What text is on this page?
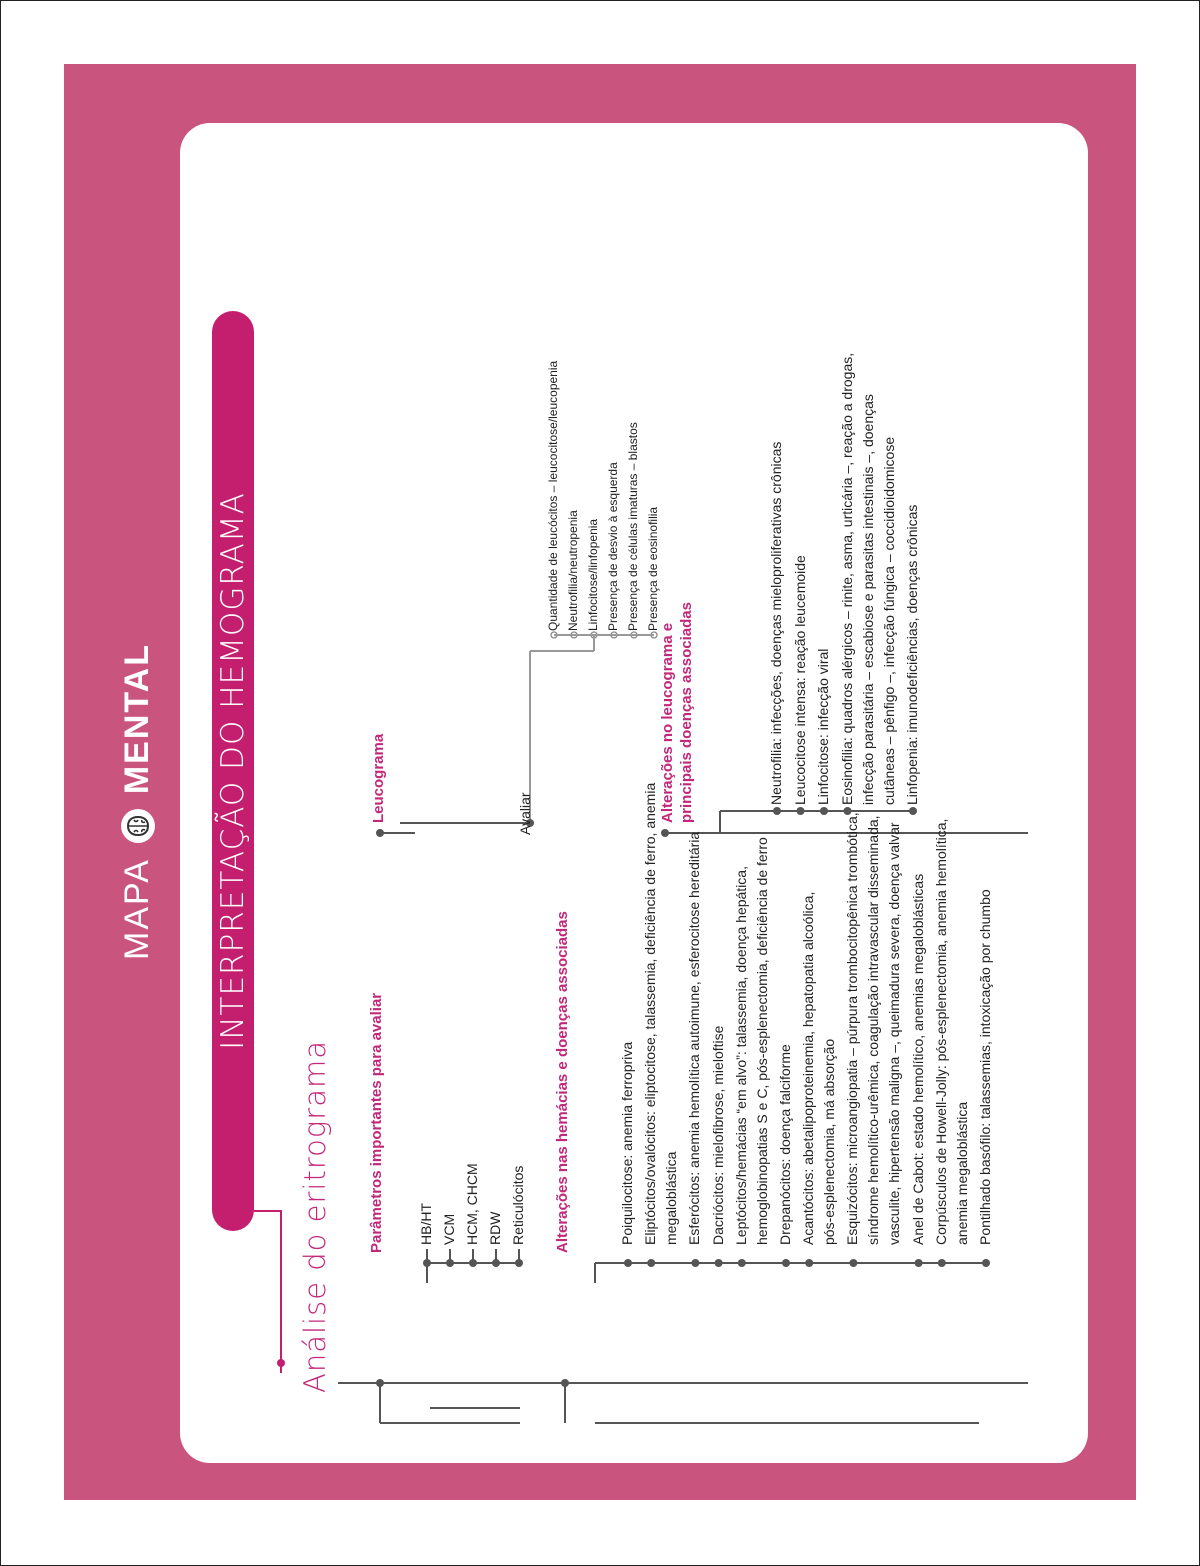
MAPA
MENTAL INTERPRETAÇÃO DO HEMOGRAMA
Análise do eritrograma Parâmetros importantes para avaliar HB/HT VCM HCM, CHCM RDW Reticulócitos Alterações nas hemácias e doenças associadas	Poiquilocitose: anemia ferropriva Eliptócitos/ovalócitos: eliptocitose, talassemia, deficiência de ferro, anemia megaloblástica Esferócitos: anemia hemolítica autoimune, esferocitose hereditária Dacriócitos: mielofibrose, mieloftise Leptócitos/hemácias “em alvo”: talassemia, doença hepática, hemoglobinopatias S e C, pós-esplenectomia, deficiência de ferro Drepanócitos: doença falciforme Acantócitos: abetalipoproteinemia, hepatopatia alcoólica, pós-esplenectomia, má absorção Esquizócitos: microangiopatia – púrpura trombocitopênica trombótica, síndrome hemolítico-urêmica, coagulação intravascular disseminada, vasculite, hipertensão maligna –, queimadura severa, doença valvar Anel de Cabot: estado hemolítico, anemias megaloblásticas Corpúsculos de Howell-Jolly: pós-esplenectomia, anemia hemolítica, anemia megaloblástica Pontilhado basófilo: talassemias, intoxicação por chumbo
Leucograma	Avaliar
Quantidade de leucócitos – leucocitose/leucopenia Neutrofilia/neutropenia Linfocitose/linfopenia Presença de desvio à esquerda Presença de células imaturas – blastos Presença de eosinofilia
Alterações no leucograma e principais doenças associadas	Neutrofilia: infecções, doenças mieloproliferativas crônicas Leucocitose intensa: reação leucemoide Linfocitose: infecção viral Eosinofilia: quadros alérgicos – rinite, asma, urticária –, reação a drogas, infecção parasitária – escabiose e parasitas intestinais –, doenças cutâneas – pênfigo –, infecção fúngica – coccidioidomicose Linfopenia: imunodeficiências, doenças crônicas
